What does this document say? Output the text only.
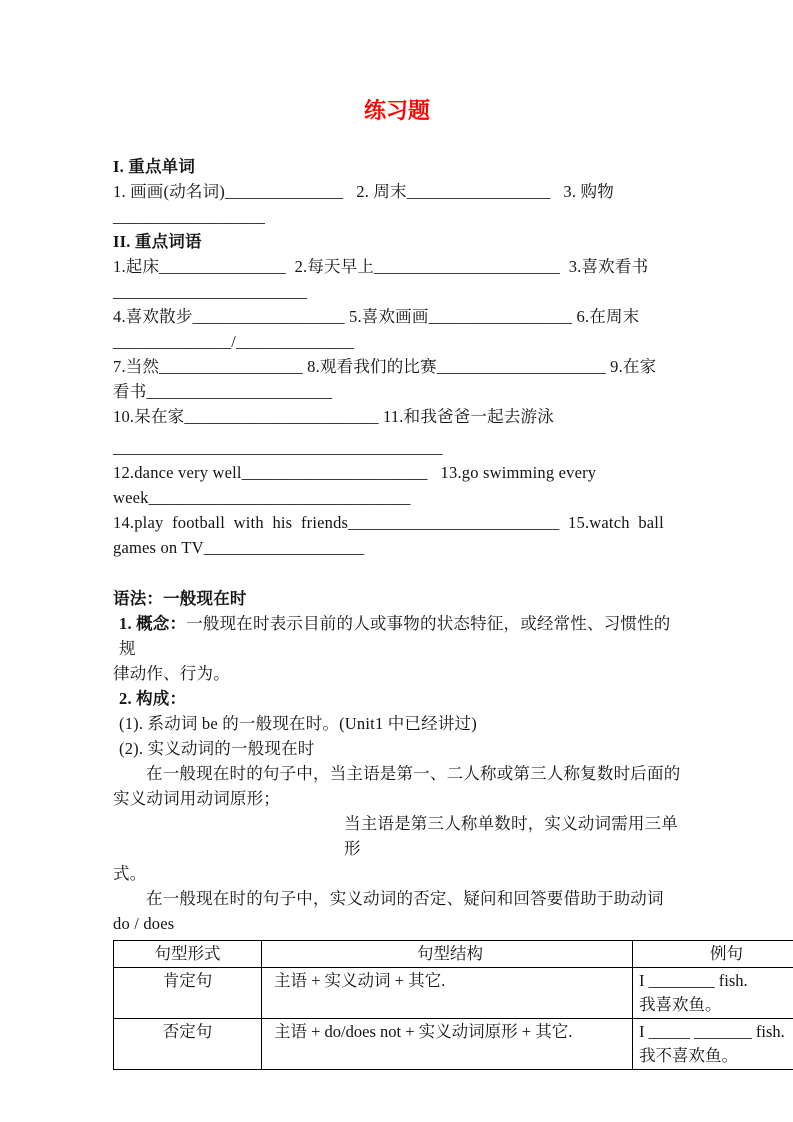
练习题
I. 重点单词
1. 画画(动名词)______________   2. 周末_________________   3. 购物
__________________
II. 重点词语
1.起床_______________  2.每天早上______________________  3.喜欢看书
_______________________
4.喜欢散步__________________ 5.喜欢画画_________________ 6.在周末
______________/______________
7.当然_________________ 8.观看我们的比赛____________________ 9.在家
看书______________________
10.呆在家_______________________ 11.和我爸爸一起去游泳
_______________________________________
12.dance very well______________________   13.go swimming every
week_______________________________
14.play  football  with  his  friends_________________________  15.watch  ball
games on TV___________________
语法：一般现在时
1. 概念：一般现在时表示目前的人或事物的状态特征，或经常性、习惯性的规
律动作、行为。
2. 构成：
(1). 系动词 be 的一般现在时。(Unit1 中已经讲过)
(2). 实义动词的一般现在时
在一般现在时的句子中，当主语是第一、二人称或第三人称复数时后面的
实义动词用动词原形；
当主语是第三人称单数时，实义动词需用三单形
式。
在一般现在时的句子中，实义动词的否定、疑问和回答要借助于助动词
do / does
句型形式	句型结构	例句
肯定句	主语 + 实义动词 + 其它.	I ________ fish.
我喜欢鱼。

否定句	主语 + do/does not + 实义动词原形 + 其它.	I _____ _______ fish.
我不喜欢鱼。
